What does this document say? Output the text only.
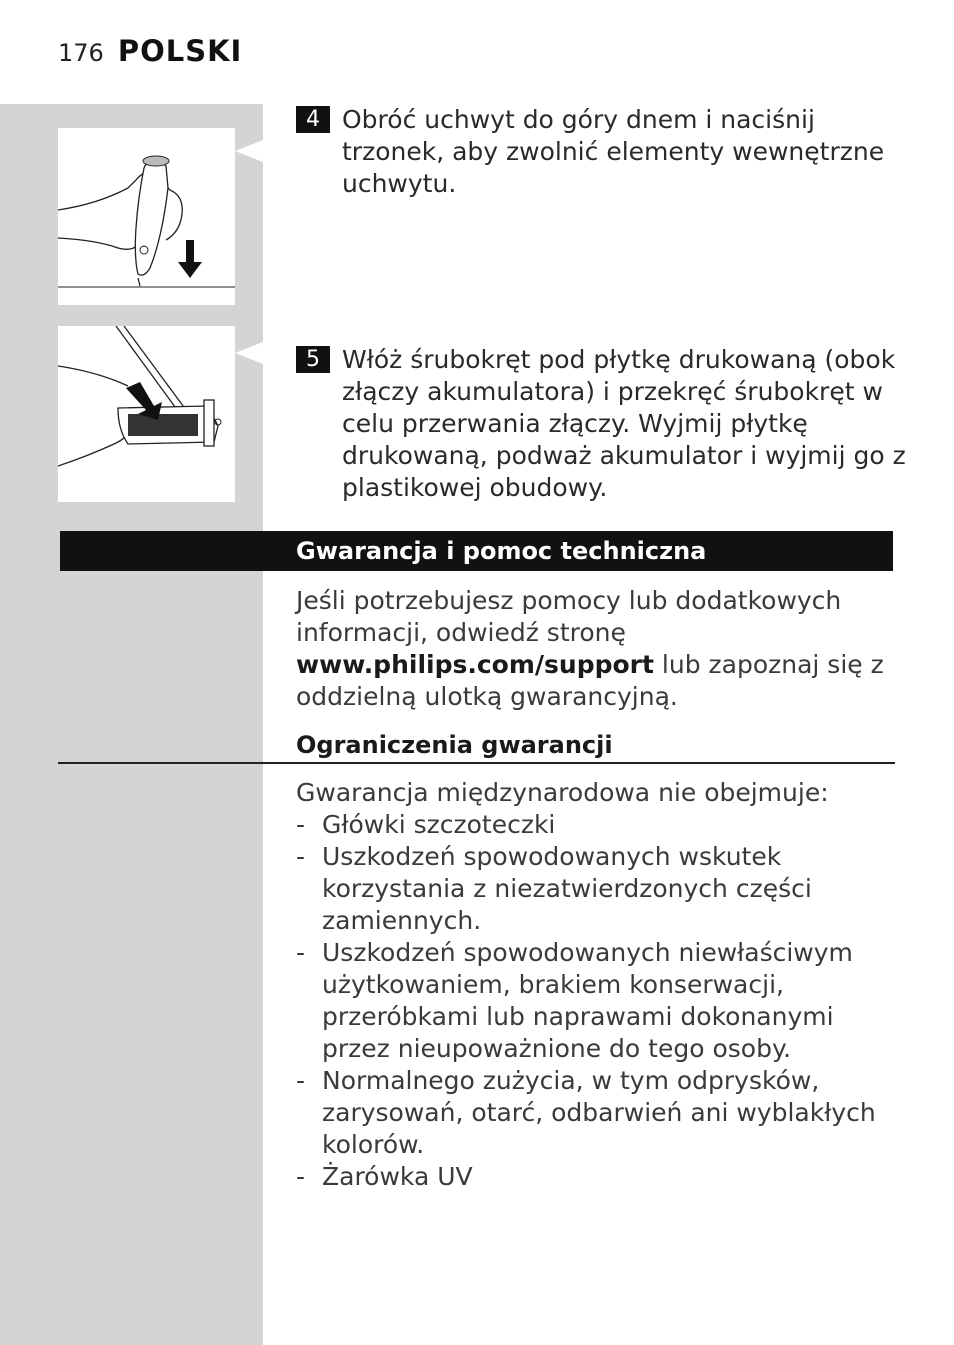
176 POLSKI
4 Obróć uchwyt do góry dnem i naciśnij trzonek, aby zwolnić elementy wewnętrzne uchwytu.
5 Włóż śrubokręt pod płytkę drukowaną (obok złączy akumulatora) i przekręć śrubokręt w celu przerwania złączy. Wyjmij płytkę drukowaną, podważ akumulator i wyjmij go z plastikowej obudowy.
Gwarancja i pomoc techniczna
Jeśli potrzebujesz pomocy lub dodatkowych informacji, odwiedź stronę
www.philips.com/support lub zapoznaj się z oddzielną ulotką gwarancyjną.
Ograniczenia gwarancji

Gwarancja międzynarodowa nie obejmuje:

- Główki szczoteczki
- Uszkodzeń spowodowanych wskutek korzystania z niezatwierdzonych części zamiennych.
- Uszkodzeń spowodowanych niewłaściwym użytkowaniem, brakiem konserwacji, przeróbkami lub naprawami dokonanymi przez nieupoważnione do tego osoby.
- Normalnego zużycia, w tym odprysków, zarysowań, otarć, odbarwień ani wyblakłych kolorów.
- Żarówka UV
